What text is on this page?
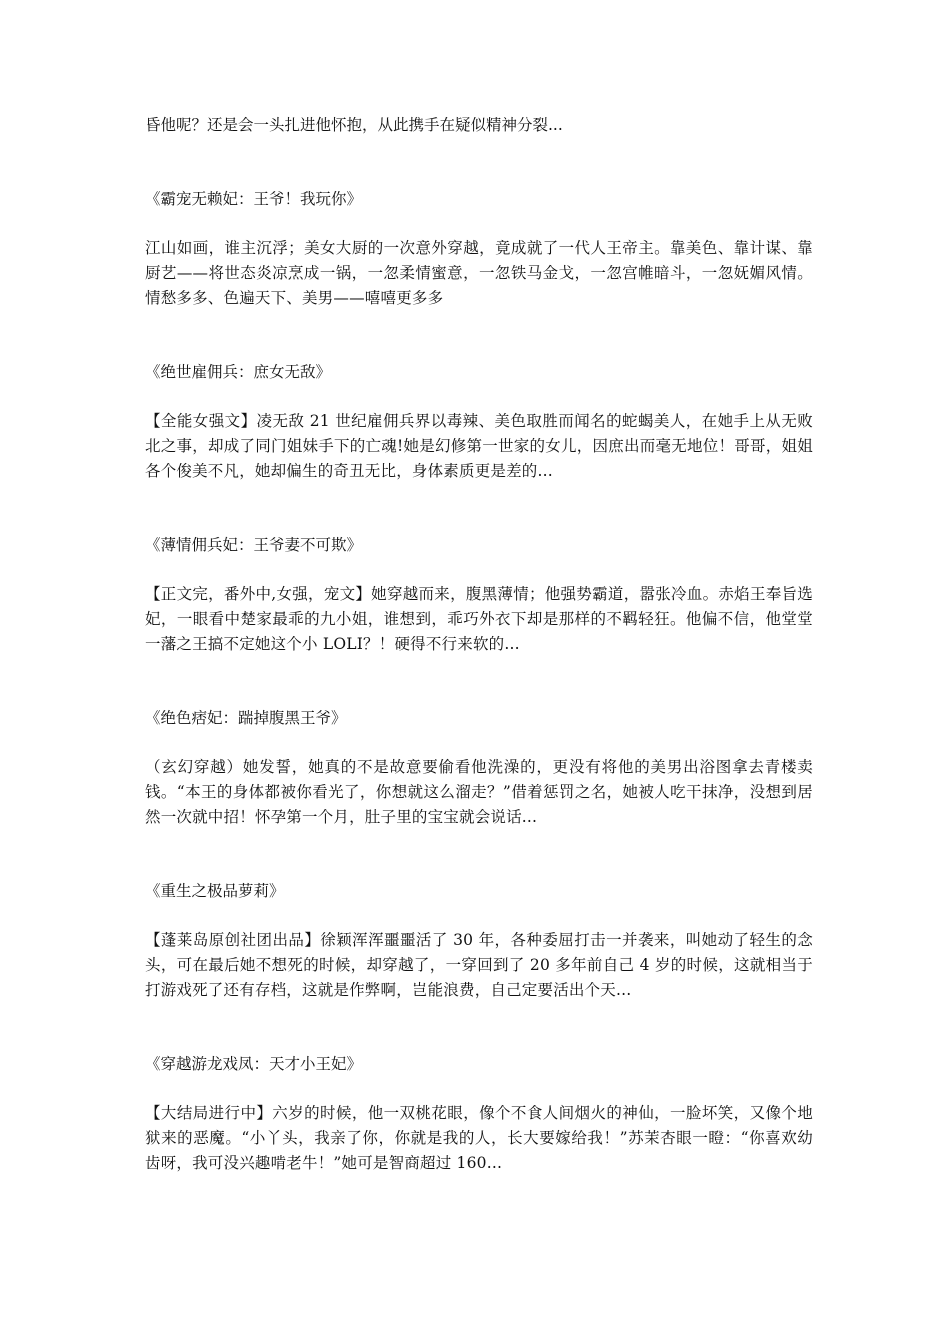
昏他呢？还是会一头扎进他怀抱，从此携手在疑似精神分裂...

《霸宠无赖妃：王爷！我玩你》

江山如画，谁主沉浮；美女大厨的一次意外穿越，竟成就了一代人王帝主。靠美色、靠计谋、靠厨艺——将世态炎凉烹成一锅，一忽柔情蜜意，一忽铁马金戈，一忽宫帷暗斗，一忽妩媚风情。情愁多多、色遍天下、美男——嘻嘻更多多

《绝世雇佣兵：庶女无敌》

【全能女强文】凌无敌 21 世纪雇佣兵界以毒辣、美色取胜而闻名的蛇蝎美人，在她手上从无败北之事，却成了同门姐妹手下的亡魂!她是幻修第一世家的女儿，因庶出而毫无地位！哥哥，姐姐各个俊美不凡，她却偏生的奇丑无比，身体素质更是差的...

《薄情佣兵妃：王爷妻不可欺》

【正文完，番外中,女强，宠文】她穿越而来，腹黑薄情；他强势霸道，嚣张冷血。赤焰王奉旨选妃，一眼看中楚家最乖的九小姐，谁想到，乖巧外衣下却是那样的不羁轻狂。他偏不信，他堂堂一藩之王搞不定她这个小 LOLI？！硬得不行来软的...

《绝色痞妃：踹掉腹黑王爷》

（玄幻穿越）她发誓，她真的不是故意要偷看他洗澡的，更没有将他的美男出浴图拿去青楼卖钱。“本王的身体都被你看光了，你想就这么溜走？”借着惩罚之名，她被人吃干抹净，没想到居然一次就中招！怀孕第一个月，肚子里的宝宝就会说话...

《重生之极品萝莉》

【蓬莱岛原创社团出品】徐颖浑浑噩噩活了 30 年，各种委屈打击一并袭来，叫她动了轻生的念头，可在最后她不想死的时候，却穿越了，一穿回到了 20 多年前自己 4 岁的时候，这就相当于打游戏死了还有存档，这就是作弊啊，岂能浪费，自己定要活出个天...

《穿越游龙戏凤：天才小王妃》

【大结局进行中】六岁的时候，他一双桃花眼，像个不食人间烟火的神仙，一脸坏笑，又像个地狱来的恶魔。“小丫头，我亲了你，你就是我的人，长大要嫁给我！”苏茉杏眼一瞪：“你喜欢幼齿呀，我可没兴趣啃老牛！”她可是智商超过 160...
